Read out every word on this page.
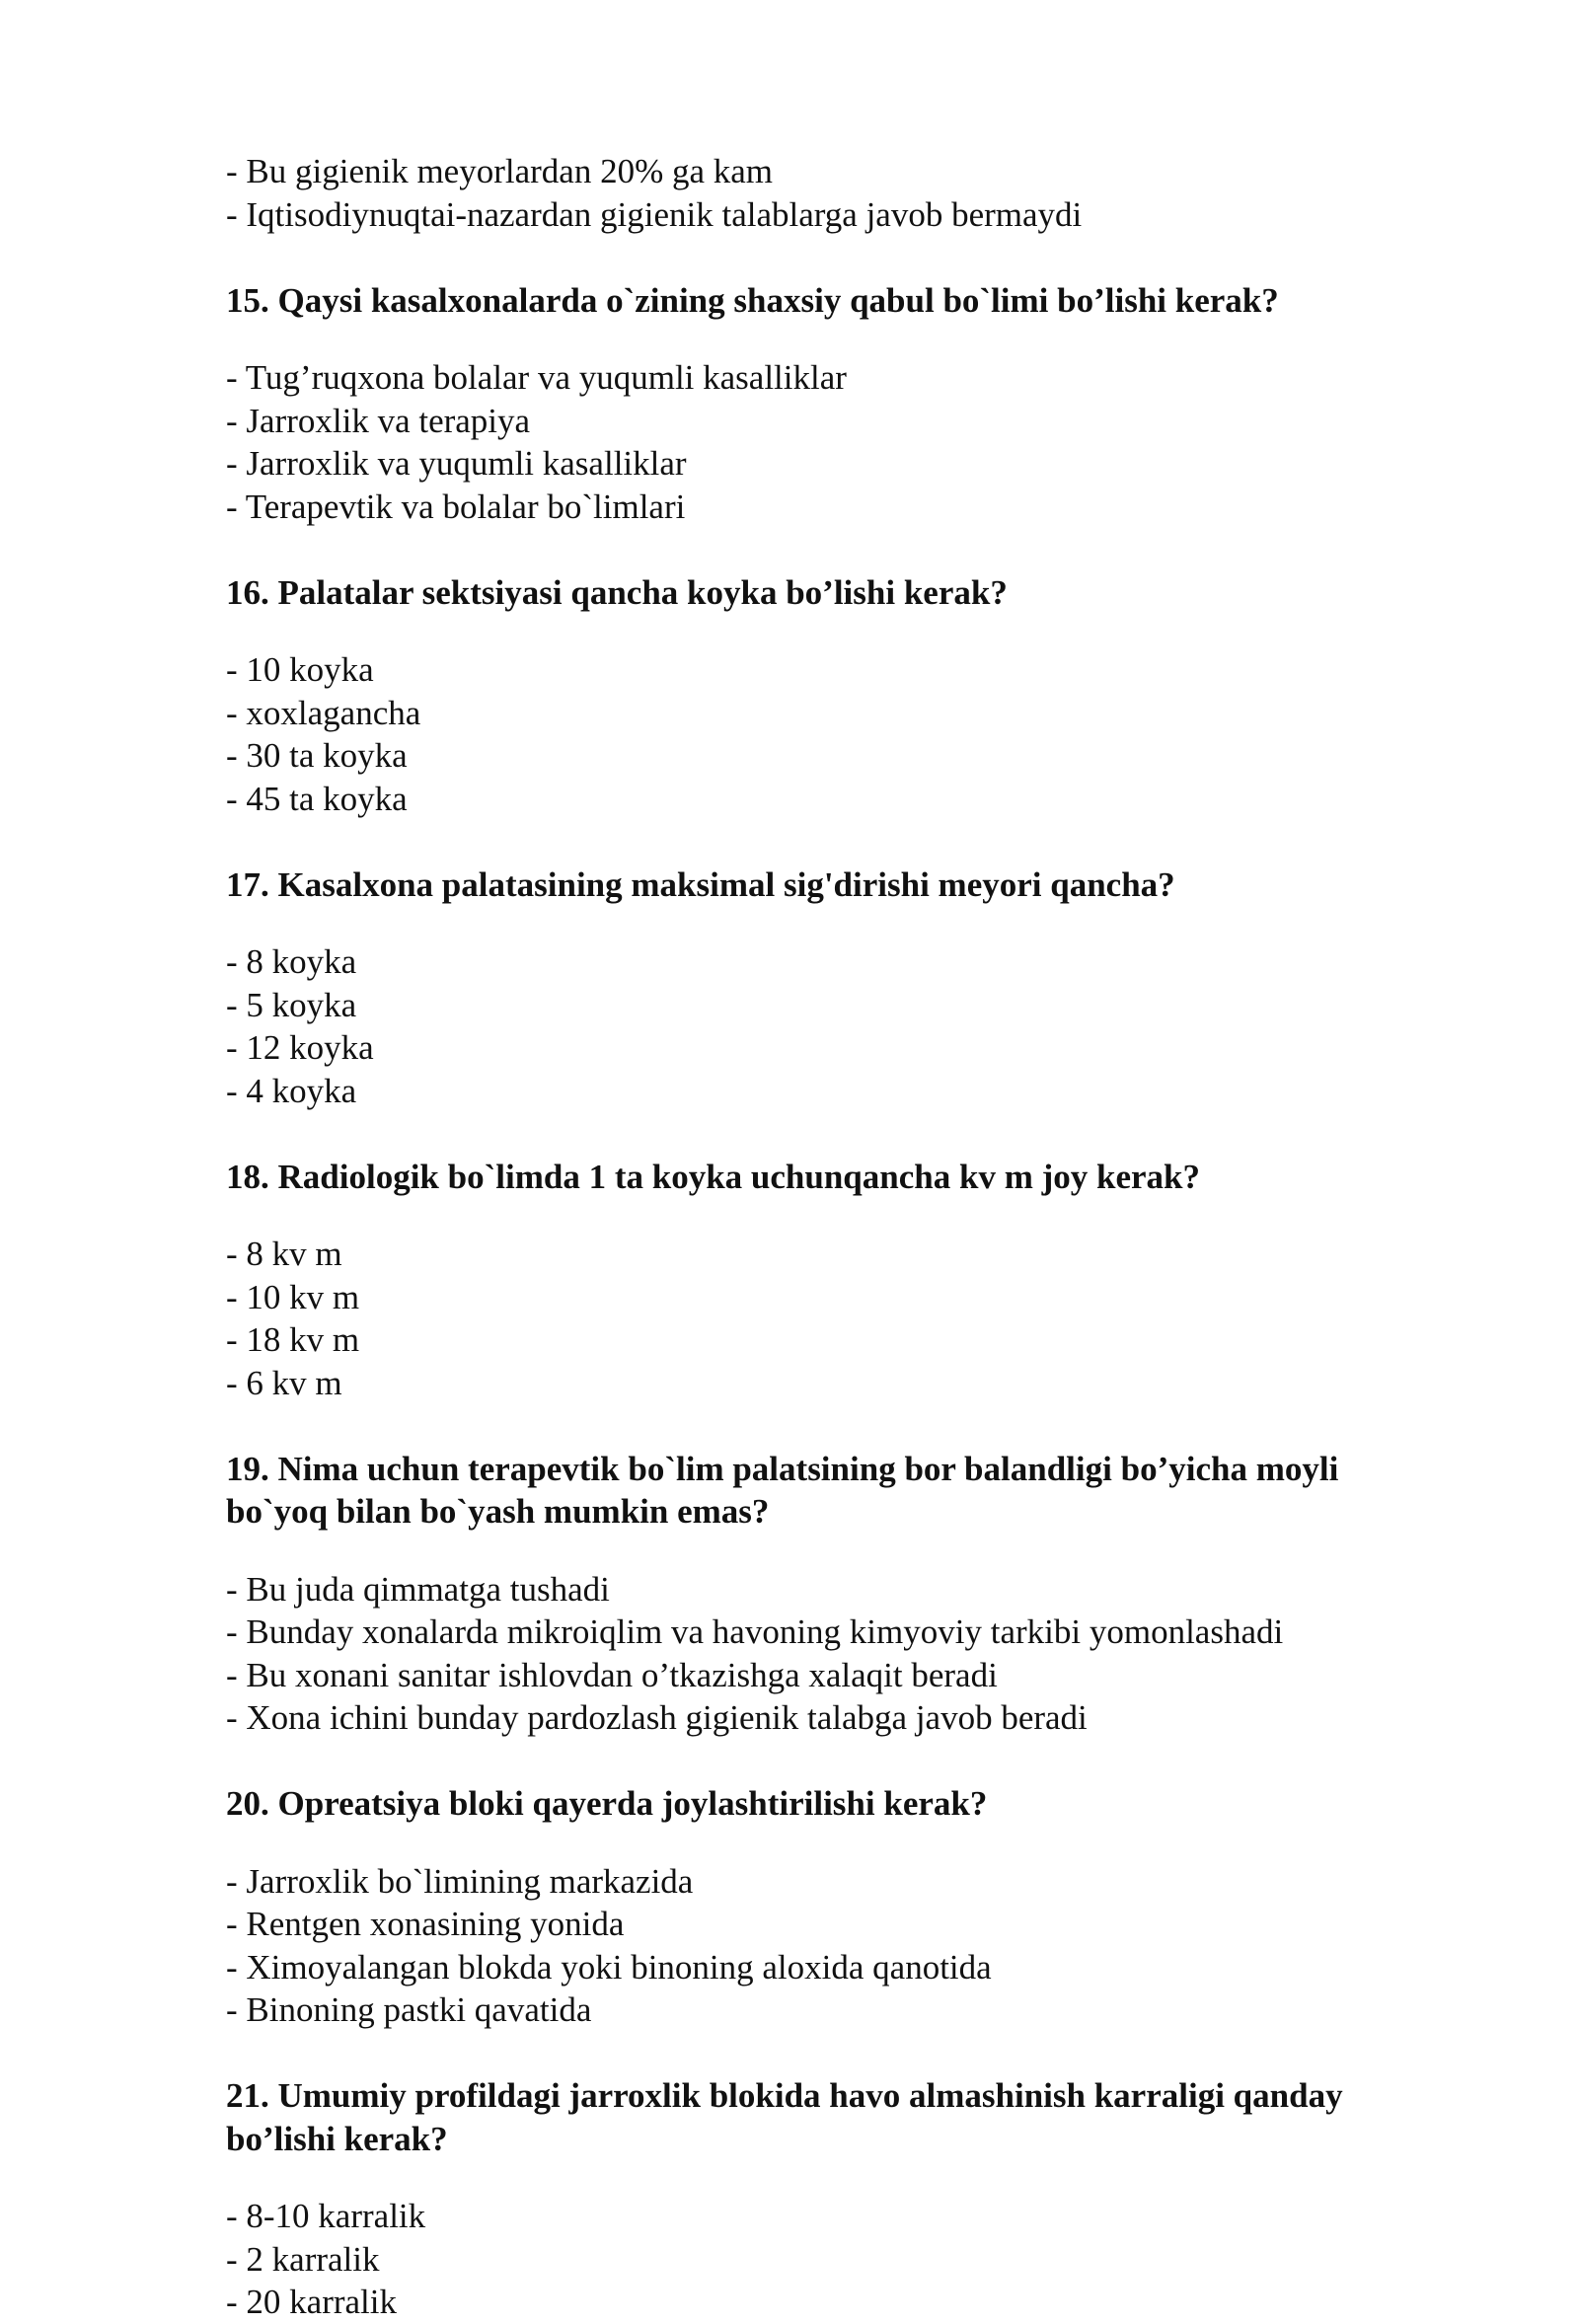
- Bu gigienik meyorlardan 20% ga kam

- Iqtisodiynuqtai-nazardan gigienik talablarga javob bermaydi

15. Qaysi kasalxonalarda o`zining shaxsiy qabul bo`limi bo’lishi kerak?

- Tug’ruqxona bolalar va yuqumli kasalliklar

- Jarroxlik va terapiya

- Jarroxlik va yuqumli kasalliklar

- Terapevtik va bolalar bo`limlari

16. Palatalar sektsiyasi qancha koyka bo’lishi kerak?

- 10 koyka

- xoxlagancha

- 30 ta koyka

- 45 ta koyka

17. Kasalxona palatasining maksimal sig'dirishi meyori qancha?

- 8 koyka

- 5 koyka

- 12 koyka

- 4 koyka

18. Radiologik bo`limda 1 ta koyka uchunqancha kv m joy kerak?

- 8 kv m

- 10 kv m

- 18 kv m

- 6 kv m

19. Nima uchun terapevtik bo`lim palatsining bor balandligi bo’yicha moyli
bo`yoq bilan bo`yash mumkin emas?

- Bu juda qimmatga tushadi

- Bunday xonalarda mikroiqlim va havoning kimyoviy tarkibi yomonlashadi

- Bu xonani sanitar ishlovdan o’tkazishga xalaqit beradi

- Xona ichini bunday pardozlash gigienik talabga javob beradi

20. Opreatsiya bloki qayerda joylashtirilishi kerak?

- Jarroxlik bo`limining markazida

- Rentgen xonasining yonida

- Ximoyalangan blokda yoki binoning aloxida qanotida

- Binoning pastki qavatida

21. Umumiy profildagi jarroxlik blokida havo almashinish karraligi qanday
bo’lishi kerak?

- 8-10 karralik

- 2 karralik

- 20 karralik
